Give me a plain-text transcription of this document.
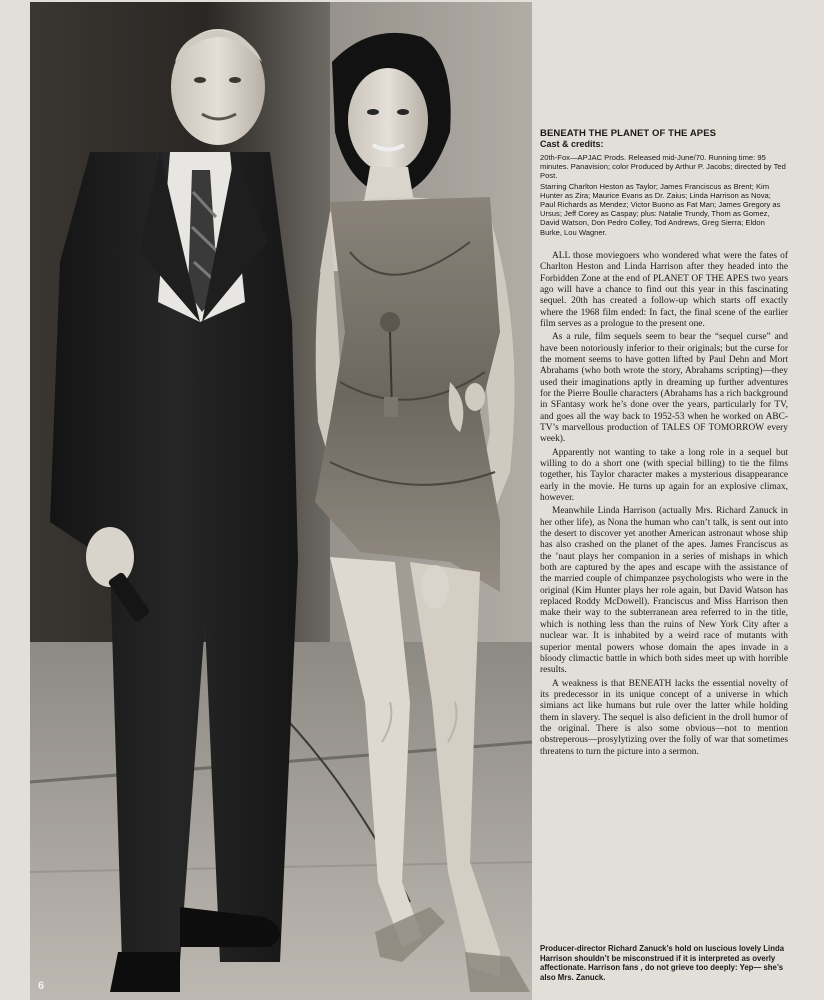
BENEATH THE PLANET OF THE APES
Cast & credits:

20th-Fox—APJAC Prods. Released mid-June/70. Running time: 95 minutes. Panavision; color Produced by Arthur P. Jacobs; directed by Ted Post.

Starring Charlton Heston as Taylor; James Franciscus as Brent; Kim Hunter as Zira; Maurice Evans as Dr. Zaius; Linda Harrison as Nova; Paul Richards as Mendez; Victor Buono as Fat Man; James Gregory as Ursus; Jeff Corey as Caspay; plus: Natalie Trundy, Thom as Gomez, David Watson, Don Pedro Colley, Tod Andrews, Greg Sierra; Eldon Burke, Lou Wagner.

ALL those moviegoers who wondered what were the fates of Charlton Heston and Linda Harrison after they headed into the Forbidden Zone at the end of PLANET OF THE APES two years ago will have a chance to find out this year in this fascinating sequel. 20th has created a follow-up which starts off exactly where the 1968 film ended: In fact, the final scene of the earlier film serves as a prologue to the present one.

As a rule, film sequels seem to bear the “sequel curse” and have been notoriously inferior to their originals; but the curse for the moment seems to have gotten lifted by Paul Dehn and Mort Abrahams (who both wrote the story, Abrahams scripting)—they used their imaginations aptly in dreaming up further adventures for the Pierre Boulle characters (Abrahams has a rich background in SFantasy work he’s done over the years, particularly for TV, and goes all the way back to 1952-53 when he worked on ABC-TV’s marvellous production of TALES OF TOMORROW every week).

Apparently not wanting to take a long role in a sequel but willing to do a short one (with special billing) to tie the films together, his Taylor character makes a mysterious disappearance early in the movie. He turns up again for an explosive climax, however.

Meanwhile Linda Harrison (actually Mrs. Richard Zanuck in her other life), as Nona the human who can’t talk, is sent out into the desert to discover yet another American astronaut whose ship has also crashed on the planet of the apes. James Franciscus as the ’naut plays her companion in a series of mishaps in which both are captured by the apes and escape with the assistance of the married couple of chimpanzee psychologists who were in the original (Kim Hunter plays her role again, but David Watson has replaced Roddy McDowell). Franciscus and Miss Harrison then make their way to the subterranean area referred to in the title, which is nothing less than the ruins of New York City after a nuclear war. It is inhabited by a weird race of mutants with superior mental powers whose domain the apes invade in a bloody climactic battle in which both sides meet up with horrible results.

A weakness is that BENEATH lacks the essential novelty of its predecessor in its unique concept of a universe in which simians act like humans but rule over the latter while holding them in slavery. The sequel is also deficient in the droll humor of the original. There is also some obvious—not to mention obstreperous—prosylytizing over the folly of war that sometimes threatens to turn the picture into a sermon.

Producer-director Richard Zanuck’s hold on luscious lovely Linda Harrison shouldn’t be misconstrued if it is interpreted as overly affectionate. Harrison fans , do not grieve too deeply: Yep— she’s also Mrs. Zanuck.

6
